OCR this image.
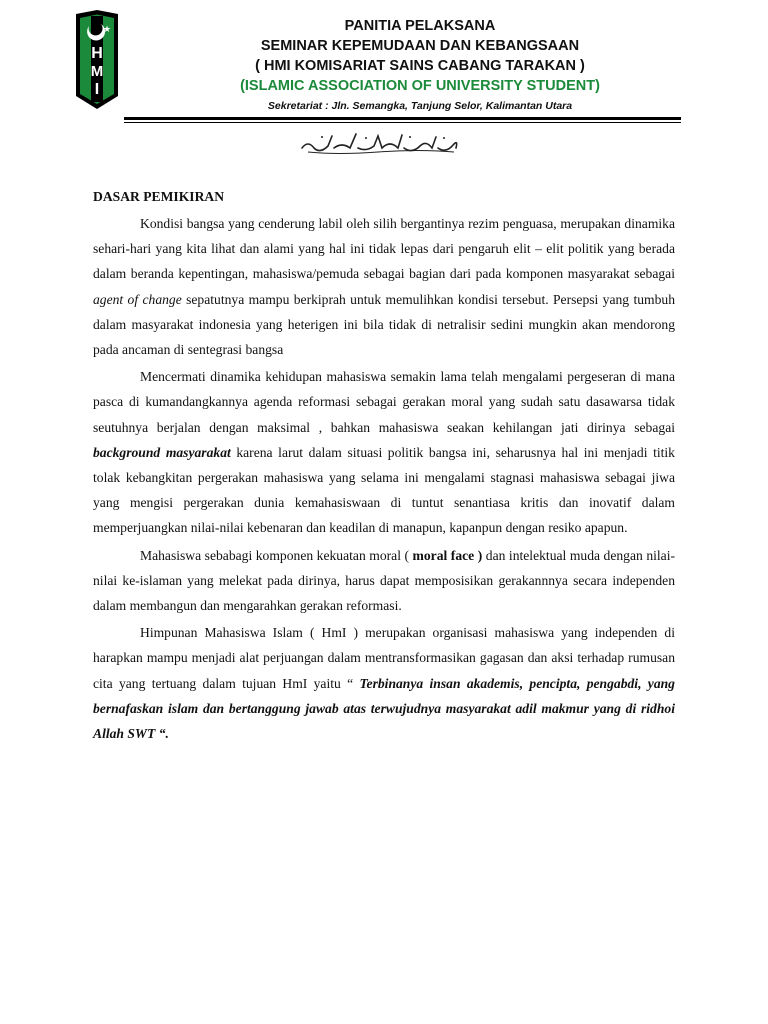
★
H
M
I
PANITIA PELAKSANA
SEMINAR KEPEMUDAAN DAN KEBANGSAAN
( HMI KOMISARIAT SAINS CABANG TARAKAN )
(ISLAMIC ASSOCIATION OF UNIVERSITY STUDENT)
Sekretariat : Jln. Semangka, Tanjung Selor, Kalimantan Utara
DASAR PEMIKIRAN

Kondisi bangsa yang cenderung labil oleh silih bergantinya rezim penguasa, merupakan dinamika sehari-hari yang kita lihat dan alami yang hal ini tidak lepas dari pengaruh elit – elit politik yang berada dalam beranda kepentingan, mahasiswa/pemuda sebagai bagian dari pada komponen masyarakat sebagai agent of change sepatutnya mampu berkiprah untuk memulihkan kondisi tersebut. Persepsi yang tumbuh dalam masyarakat indonesia yang heterigen ini bila tidak di netralisir sedini mungkin akan mendorong pada ancaman di sentegrasi bangsa

Mencermati dinamika kehidupan mahasiswa semakin lama telah mengalami pergeseran di mana pasca di kumandangkannya agenda reformasi sebagai gerakan moral yang sudah satu dasawarsa tidak seutuhnya berjalan dengan maksimal , bahkan mahasiswa seakan kehilangan jati dirinya sebagai background masyarakat karena larut dalam situasi politik bangsa ini, seharusnya hal ini menjadi titik tolak kebangkitan pergerakan mahasiswa yang selama ini mengalami stagnasi mahasiswa sebagai jiwa yang mengisi pergerakan dunia kemahasiswaan di tuntut senantiasa kritis dan inovatif dalam memperjuangkan nilai-nilai kebenaran dan keadilan di manapun, kapanpun dengan resiko apapun.

Mahasiswa sebabagi komponen kekuatan moral ( moral face ) dan intelektual muda dengan nilai-nilai ke-islaman yang melekat pada dirinya, harus dapat memposisikan gerakannnya secara independen dalam membangun dan mengarahkan gerakan reformasi.

Himpunan Mahasiswa Islam ( HmI ) merupakan organisasi mahasiswa yang independen di harapkan mampu menjadi alat perjuangan dalam mentransformasikan gagasan dan aksi terhadap rumusan cita yang tertuang dalam tujuan HmI yaitu “ Terbinanya insan akademis, pencipta, pengabdi, yang bernafaskan islam dan bertanggung jawab atas terwujudnya masyarakat adil makmur yang di ridhoi Allah SWT “.
